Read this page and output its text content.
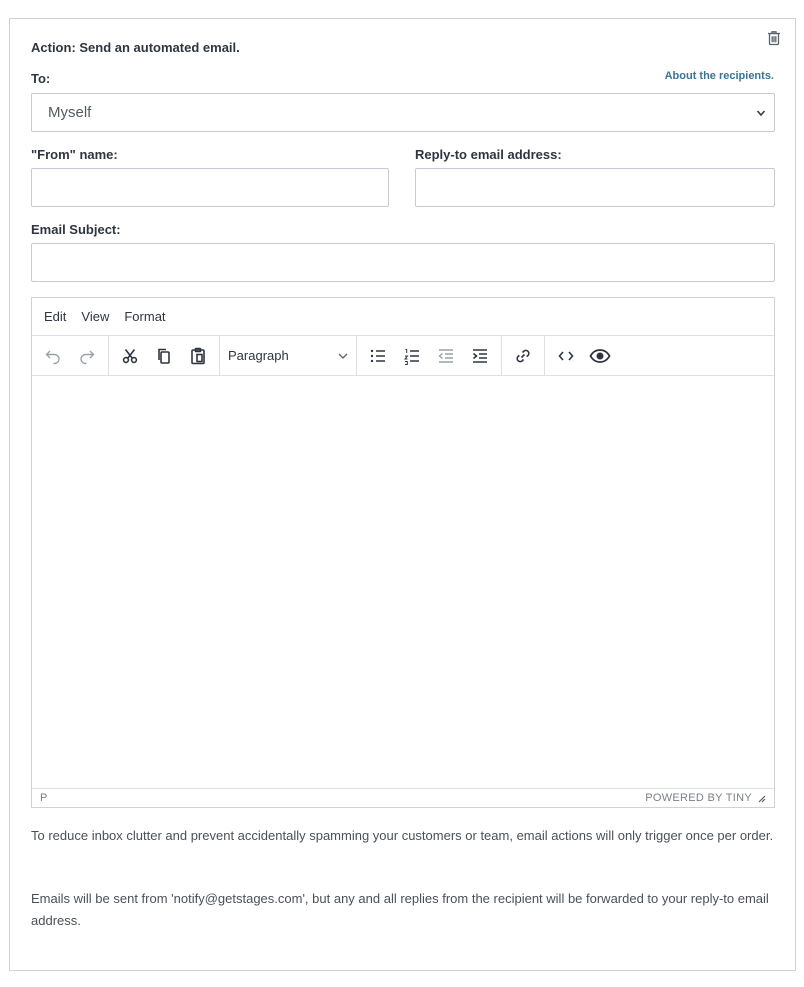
Action: Send an automated email.
To:	About the recipients.
Myself
"From" name:	Reply-to email address:
Email Subject:
Edit View Format
Paragraph
P	POWERED BY TINY
To reduce inbox clutter and prevent accidentally spamming your customers or team, email actions will only trigger once per order.
Emails will be sent from 'notify@getstages.com', but any and all replies from the recipient will be forwarded to your reply-to email address.
